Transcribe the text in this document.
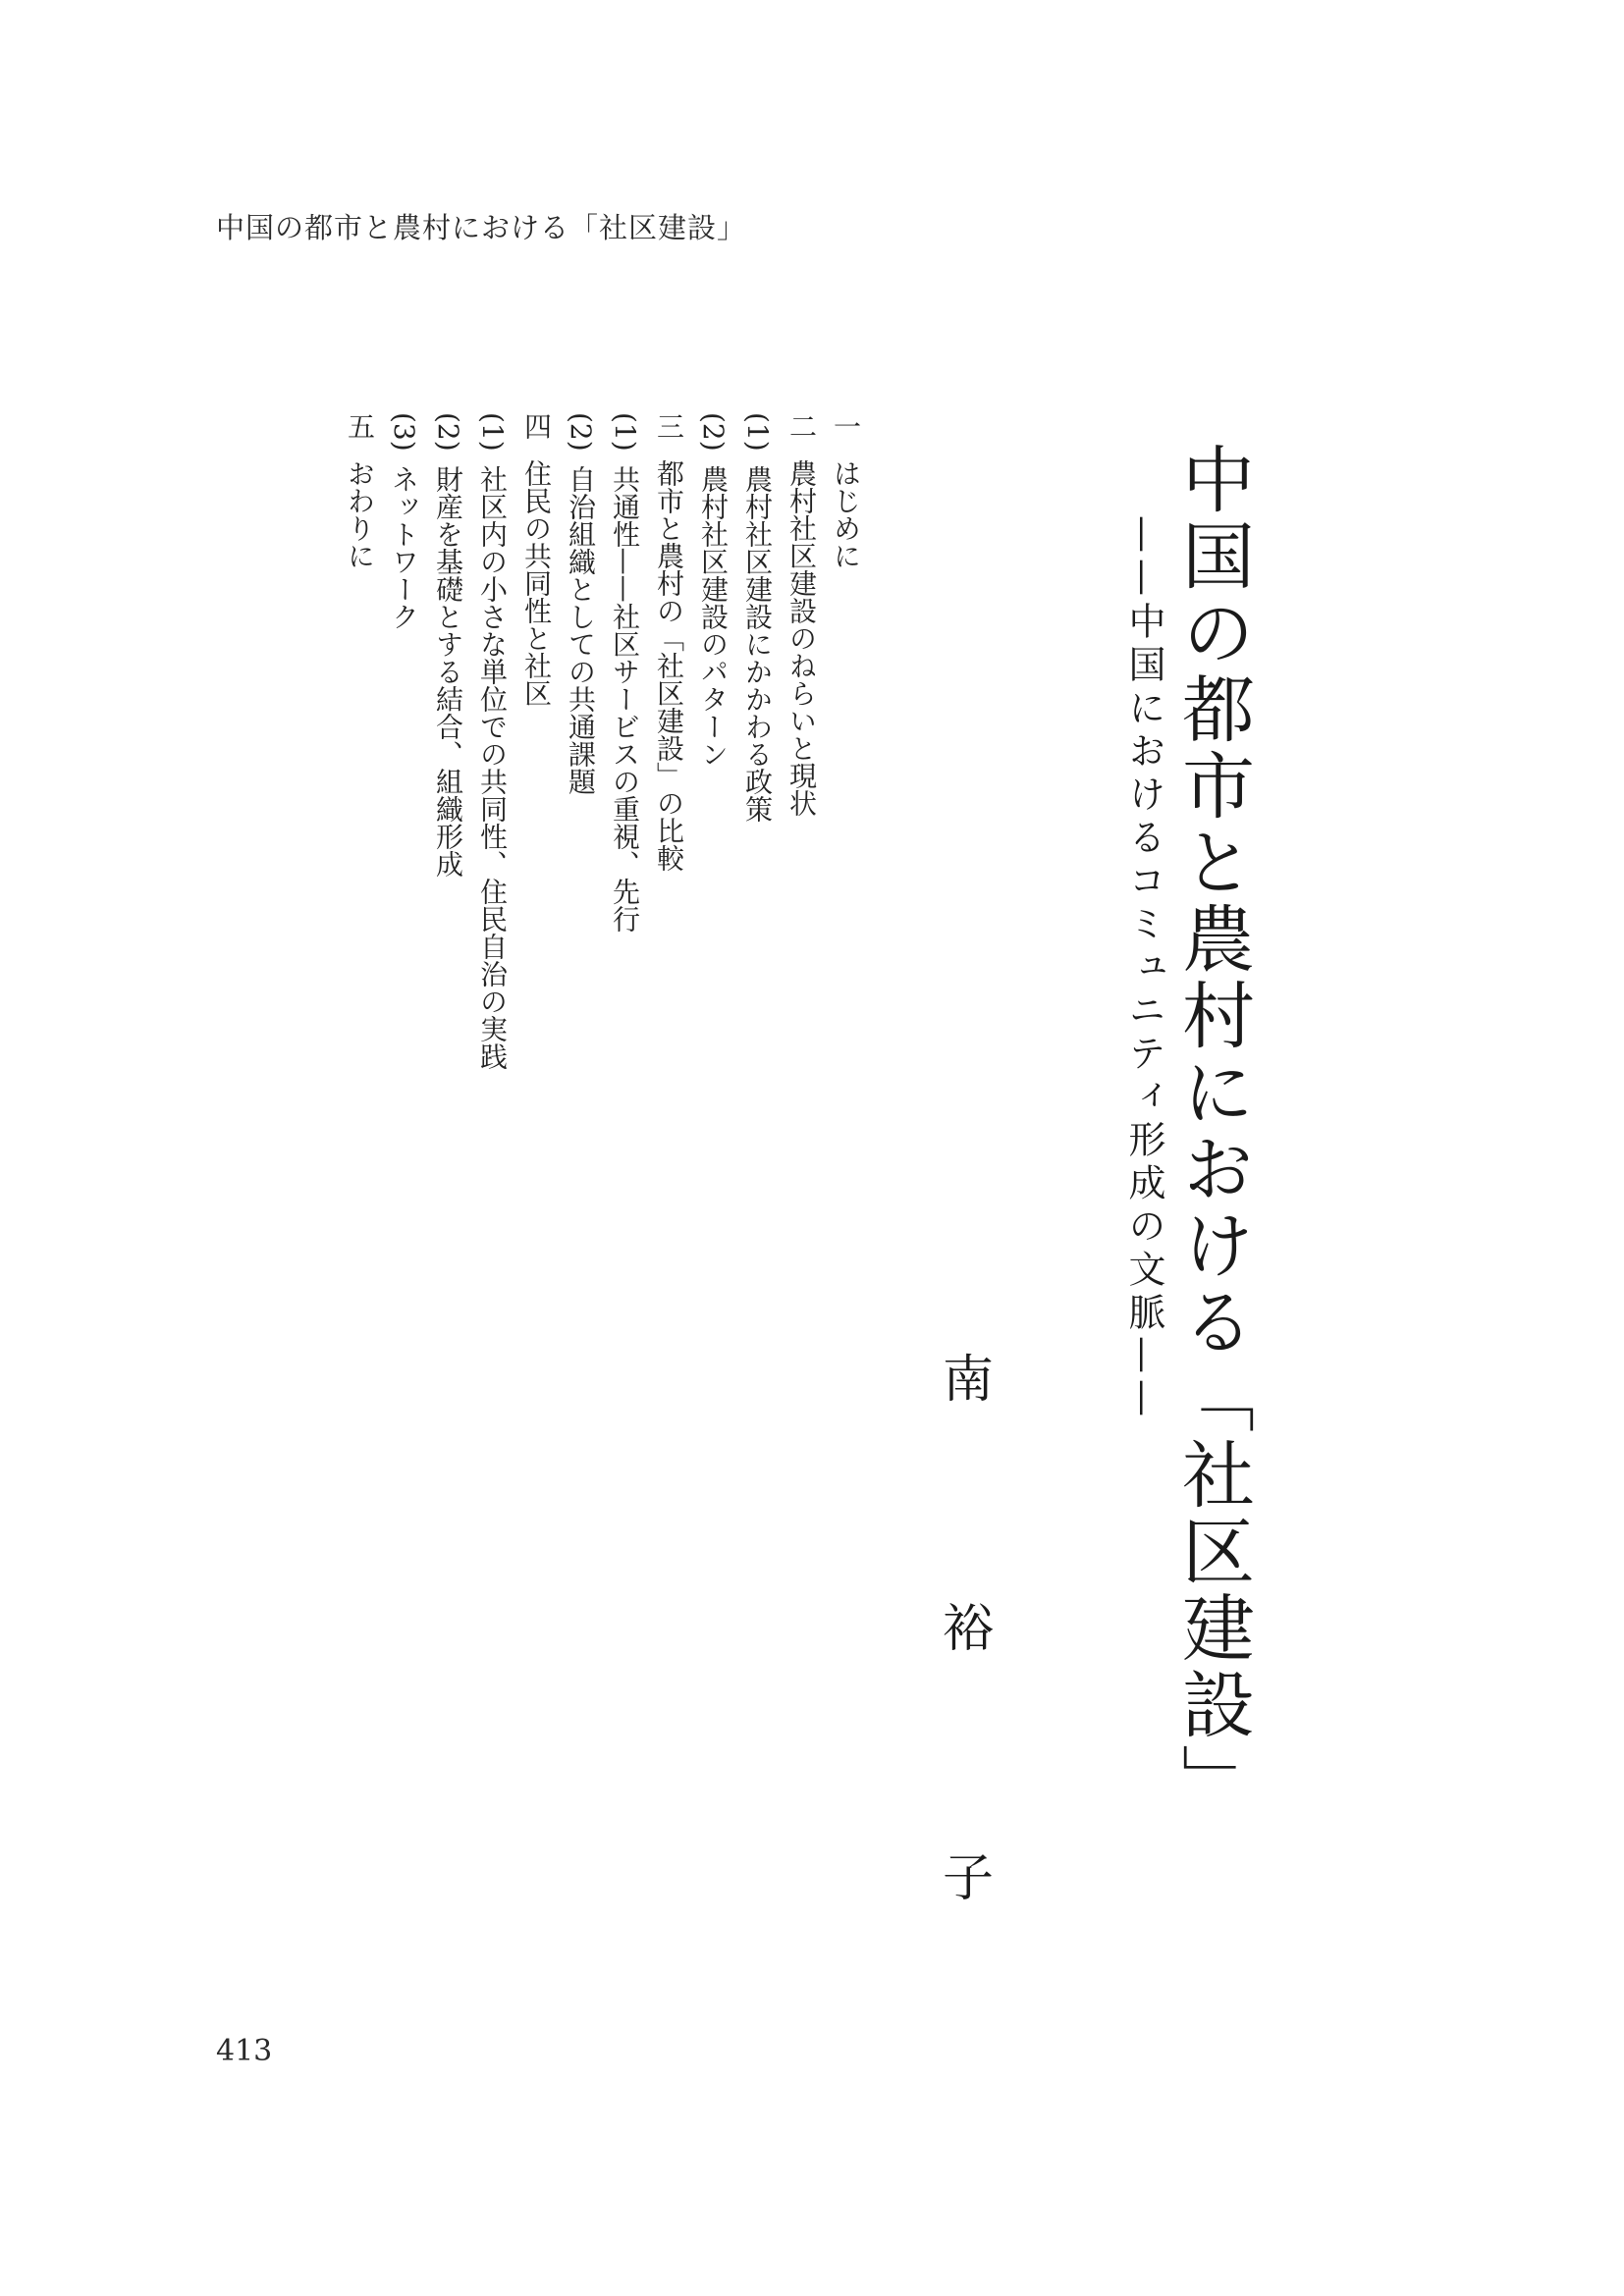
中国の都市と農村における「社区建設」
中国の都市と農村における「社区建設」
——中国におけるコミュニティ形成の文脈——
南
裕
子
一はじめに
二農村社区建設のねらいと現状
(1)農村社区建設にかかわる政策
(2)農村社区建設のパターン
三都市と農村の「社区建設」の比較
(1)共通性——社区サービスの重視、先行
(2)自治組織としての共通課題
四住民の共同性と社区
(1)社区内の小さな単位での共同性、住民自治の実践
(2)財産を基礎とする結合、組織形成
(3)ネットワーク
五おわりに
413
